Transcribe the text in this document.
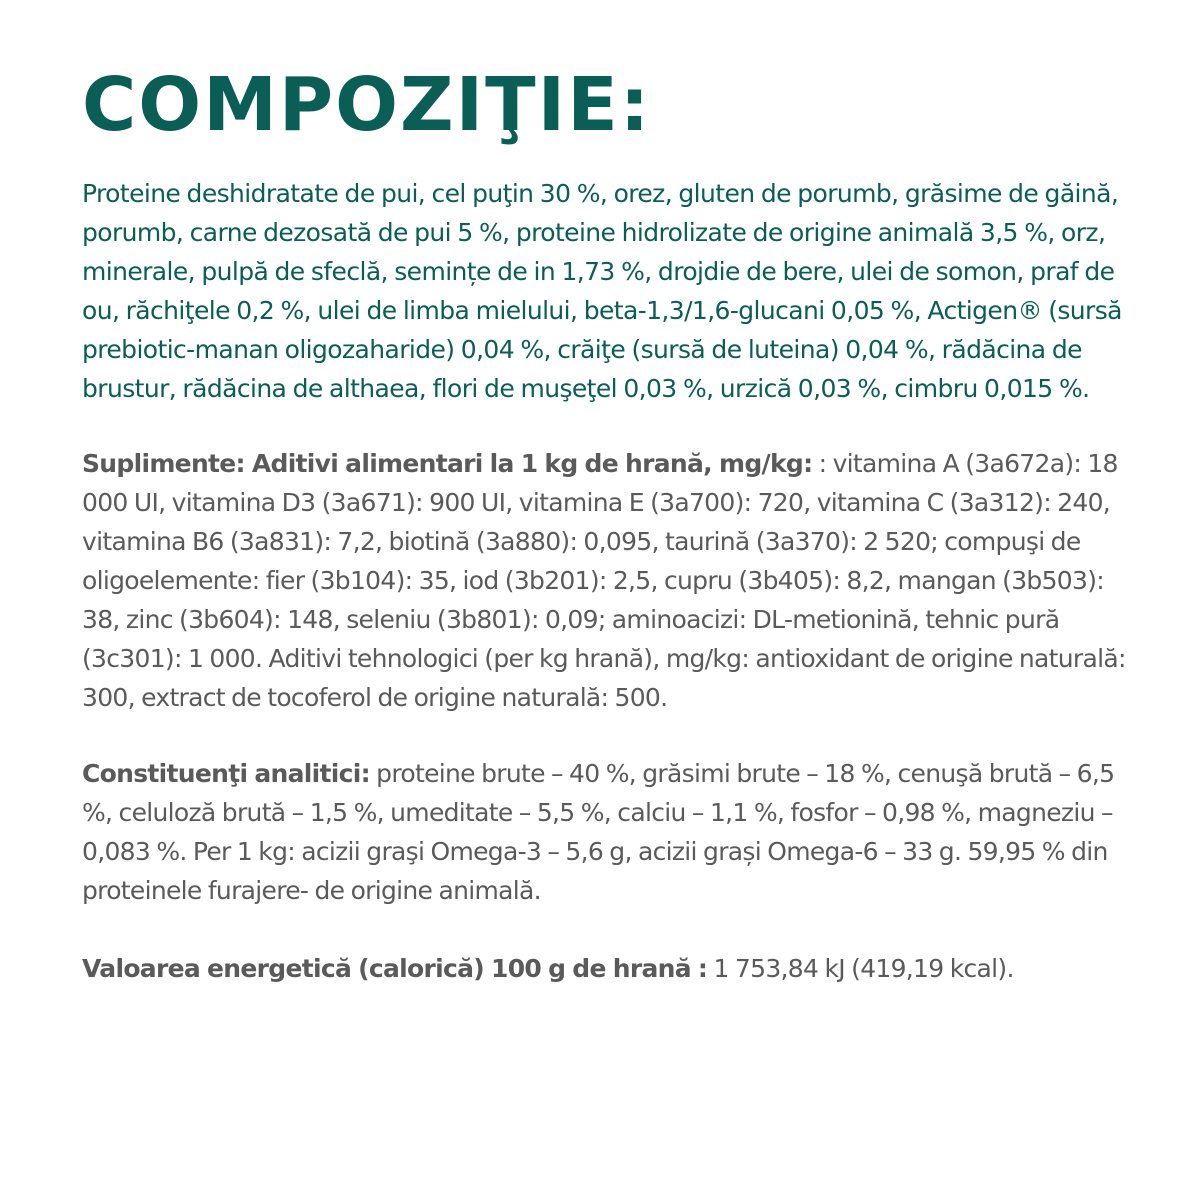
COMPOZIŢIE:

Proteine deshidratate de pui, cel puţin 30 %, orez, gluten de porumb, grăsime de găină, porumb, carne dezosată de pui 5 %, proteine hidrolizate de origine animală 3,5 %, orz, minerale, pulpă de sfeclă, semințe de in 1,73 %, drojdie de bere, ulei de somon, praf de ou, răchiţele 0,2 %, ulei de limba mielului, beta-1,3/1,6-glucani 0,05 %, Actigen® (sursă prebiotic-manan oligozaharide) 0,04 %, crăiţe (sursă de luteina) 0,04 %, rădăcina de brustur, rădăcina de althaea, flori de muşeţel 0,03 %, urzică 0,03 %, cimbru 0,015 %.

Suplimente: Aditivi alimentari la 1 kg de hrană, mg/kg: : vitamina A (3a672a): 18 000 UI, vitamina D3 (3a671): 900 UI, vitamina E (3a700): 720, vitamina C (3a312): 240, vitamina B6 (3a831): 7,2, biotină (3a880): 0,095, taurină (3a370): 2 520; compuşi de oligoelemente: fier (3b104): 35, iod (3b201): 2,5, cupru (3b405): 8,2, mangan (3b503): 38, zinc (3b604): 148, seleniu (3b801): 0,09; aminoacizi: DL-metionină, tehnic pură (3c301): 1 000. Aditivi tehnologici (per kg hrană), mg/kg: antioxidant de origine naturală: 300, extract de tocoferol de origine naturală: 500.

Constituenţi analitici: proteine brute – 40 %, grăsimi brute – 18 %, cenuşă brută – 6,5 %, celuloză brută – 1,5 %, umeditate – 5,5 %, calciu – 1,1 %, fosfor – 0,98 %, magneziu – 0,083 %. Per 1 kg: acizii graşi Omega-3 – 5,6 g, acizii grași Omega-6 – 33 g. 59,95 % din proteinele furajere- de origine animală.

Valoarea energetică (calorică) 100 g de hrană : 1 753,84 kJ (419,19 kcal).
